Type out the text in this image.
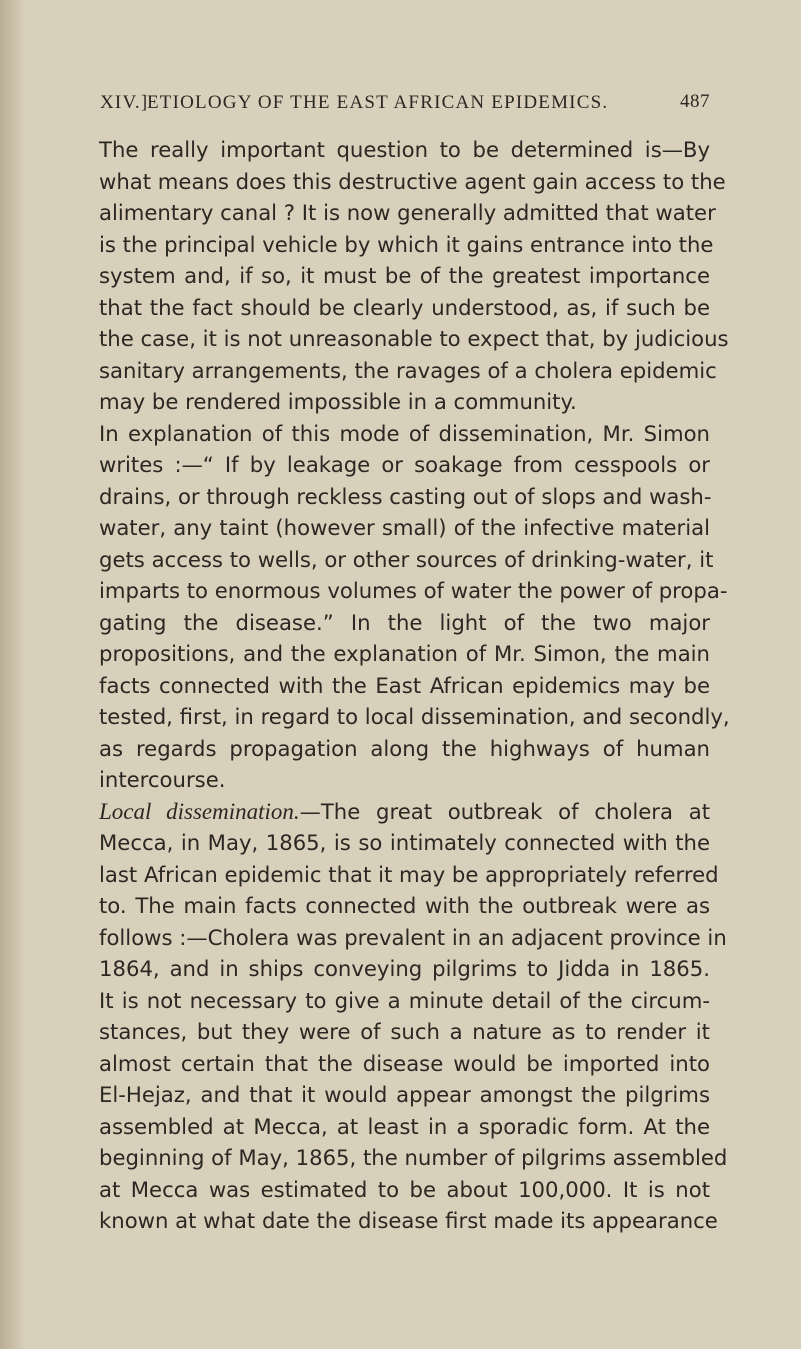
XIV.]
ETIOLOGY OF THE EAST AFRICAN EPIDEMICS.	487
The really important question to be determined is—By
what means does this destructive agent gain access to the
alimentary canal ? It is now generally admitted that water
is the principal vehicle by which it gains entrance into the
system and, if so, it must be of the greatest importance
that the fact should be clearly understood, as, if such be
the case, it is not unreasonable to expect that, by judicious
sanitary arrangements, the ravages of a cholera epidemic
may be rendered impossible in a community.
In explanation of this mode of dissemination, Mr. Simon
writes :—“ If by leakage or soakage from cesspools or
drains, or through reckless casting out of slops and wash-
water, any taint (however small) of the infective material
gets access to wells, or other sources of drinking-water, it
imparts to enormous volumes of water the power of propa-
gating the disease.” In the light of the two major
propositions, and the explanation of Mr. Simon, the main
facts connected with the East African epidemics may be
tested, first, in regard to local dissemination, and secondly,
as regards propagation along the highways of human
intercourse.
Local dissemination.—The great outbreak of cholera at
Mecca, in May, 1865, is so intimately connected with the
last African epidemic that it may be appropriately referred
to. The main facts connected with the outbreak were as
follows :—Cholera was prevalent in an adjacent province in
1864, and in ships conveying pilgrims to Jidda in 1865.
It is not necessary to give a minute detail of the circum-
stances, but they were of such a nature as to render it
almost certain that the disease would be imported into
El-Hejaz, and that it would appear amongst the pilgrims
assembled at Mecca, at least in a sporadic form. At the
beginning of May, 1865, the number of pilgrims assembled
at Mecca was estimated to be about 100,000. It is not
known at what date the disease first made its appearance
